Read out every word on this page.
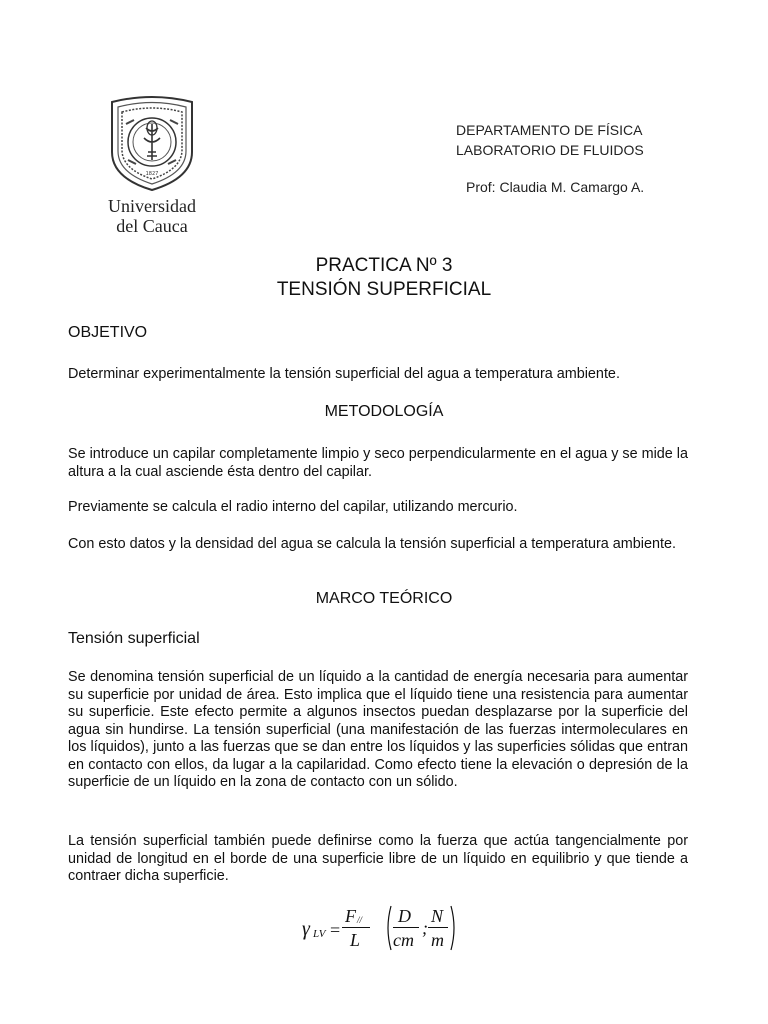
1827
Universidad
del Cauca
DEPARTAMENTO DE FÍSICA
LABORATORIO DE FLUIDOS
Prof: Claudia M. Camargo A.
PRACTICA Nº 3
TENSIÓN SUPERFICIAL
OBJETIVO

Determinar experimentalmente la tensión superficial del agua a temperatura ambiente.

METODOLOGÍA

Se introduce un capilar completamente limpio y seco perpendicularmente en el agua y se mide la altura a la cual asciende ésta dentro del capilar.

Previamente se calcula el radio interno del capilar, utilizando mercurio.

Con esto datos y la densidad del agua se calcula la tensión superficial a temperatura ambiente.

MARCO TEÓRICO
Tensión superficial

Se denomina tensión superficial de un líquido a la cantidad de energía necesaria para aumentar su superficie por unidad de área. Esto implica que el líquido tiene una resistencia para aumentar su superficie. Este efecto permite a algunos insectos puedan desplazarse por la superficie del agua sin hundirse. La tensión superficial (una manifestación de las fuerzas intermoleculares en los líquidos), junto a las fuerzas que se dan entre los líquidos y las superficies sólidas que entran en contacto con ellos, da lugar a la capilaridad. Como efecto tiene la elevación o depresión de la superficie de un líquido en la zona de contacto con un sólido.

La tensión superficial también puede definirse como la fuerza que actúa tangencialmente por unidad de longitud en el borde de una superficie libre de un líquido en equilibrio y que tiende a contraer dicha superficie.

γ LV =
F //
L
D
cm
;
N
m
